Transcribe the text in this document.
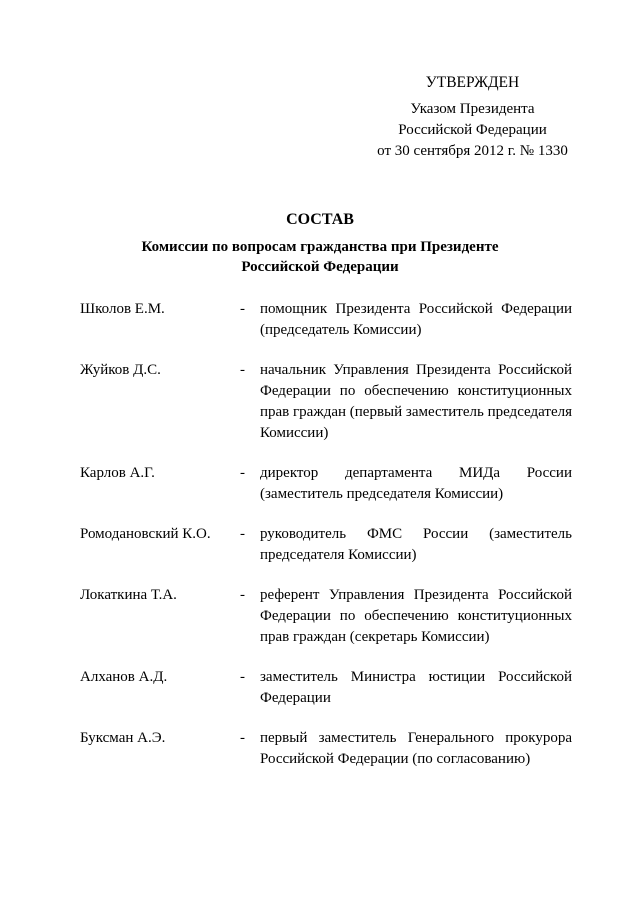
УТВЕРЖДЕН
Указом Президента
Российской Федерации
от 30 сентября 2012 г. № 1330
СОСТАВ
Комиссии по вопросам гражданства при Президенте
Российской Федерации
Школов Е.М.	-	помощник Президента Российской Федерации (председатель Комиссии)
Жуйков Д.С.	-	начальник Управления Президента Российской Федерации по обеспечению конституционных прав граждан (первый заместитель председателя Комиссии)
Карлов А.Г.	-	директор департамента МИДа России (заместитель председателя Комиссии)
Ромодановский К.О.	-	руководитель ФМС России (заместитель председателя Комиссии)
Локаткина Т.А.	-	референт Управления Президента Российской Федерации по обеспечению конституционных прав граждан (секретарь Комиссии)
Алханов А.Д.	-	заместитель Министра юстиции Российской Федерации
Буксман А.Э.	-	первый заместитель Генерального прокурора Российской Федерации (по согласованию)
